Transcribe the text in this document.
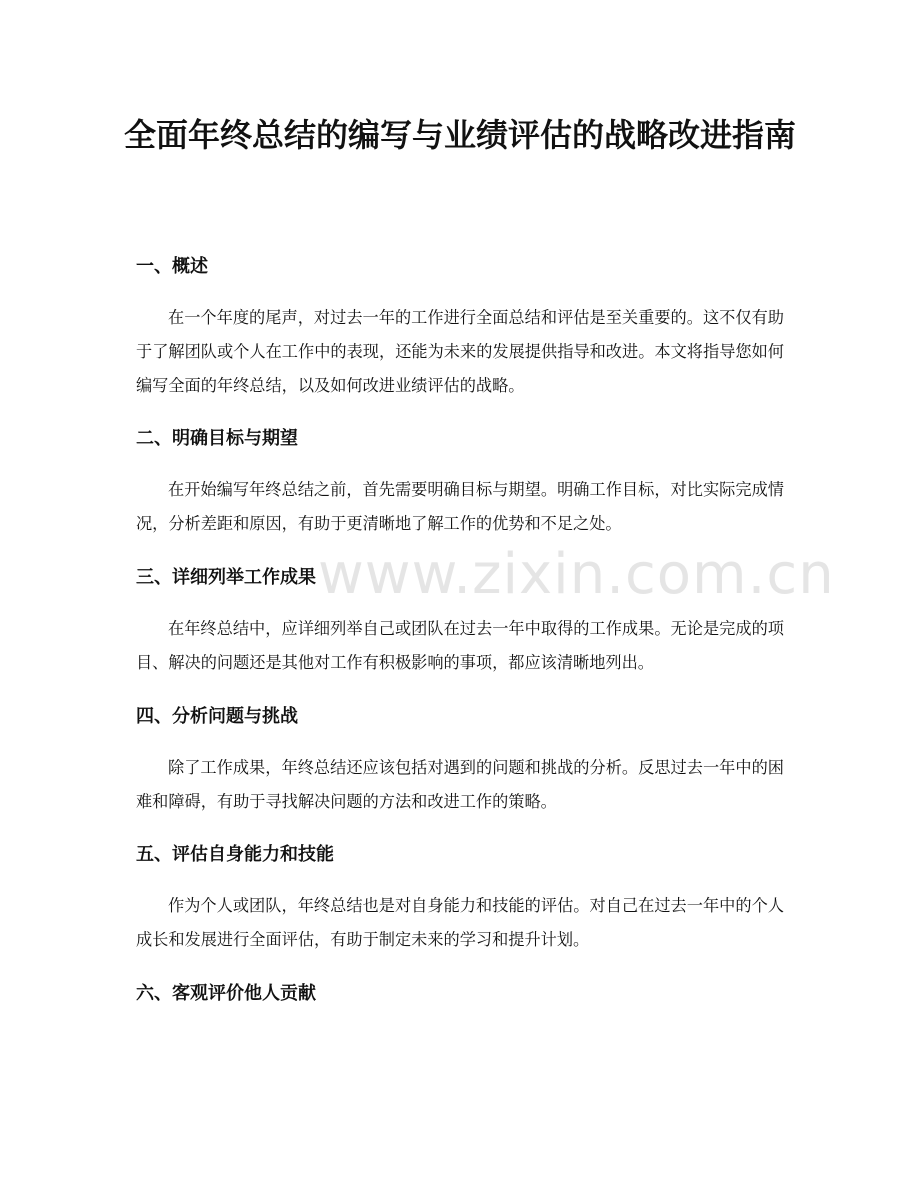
全面年终总结的编写与业绩评估的战略改进指南
一、概述

在一个年度的尾声，对过去一年的工作进行全面总结和评估是至关重要的。这不仅有助于了解团队或个人在工作中的表现，还能为未来的发展提供指导和改进。本文将指导您如何编写全面的年终总结，以及如何改进业绩评估的战略。

二、明确目标与期望

在开始编写年终总结之前，首先需要明确目标与期望。明确工作目标，对比实际完成情况，分析差距和原因，有助于更清晰地了解工作的优势和不足之处。

三、详细列举工作成果

在年终总结中，应详细列举自己或团队在过去一年中取得的工作成果。无论是完成的项目、解决的问题还是其他对工作有积极影响的事项，都应该清晰地列出。

四、分析问题与挑战

除了工作成果，年终总结还应该包括对遇到的问题和挑战的分析。反思过去一年中的困难和障碍，有助于寻找解决问题的方法和改进工作的策略。

五、评估自身能力和技能

作为个人或团队，年终总结也是对自身能力和技能的评估。对自己在过去一年中的个人成长和发展进行全面评估，有助于制定未来的学习和提升计划。

六、客观评价他人贡献
www.zixin.com.cn
